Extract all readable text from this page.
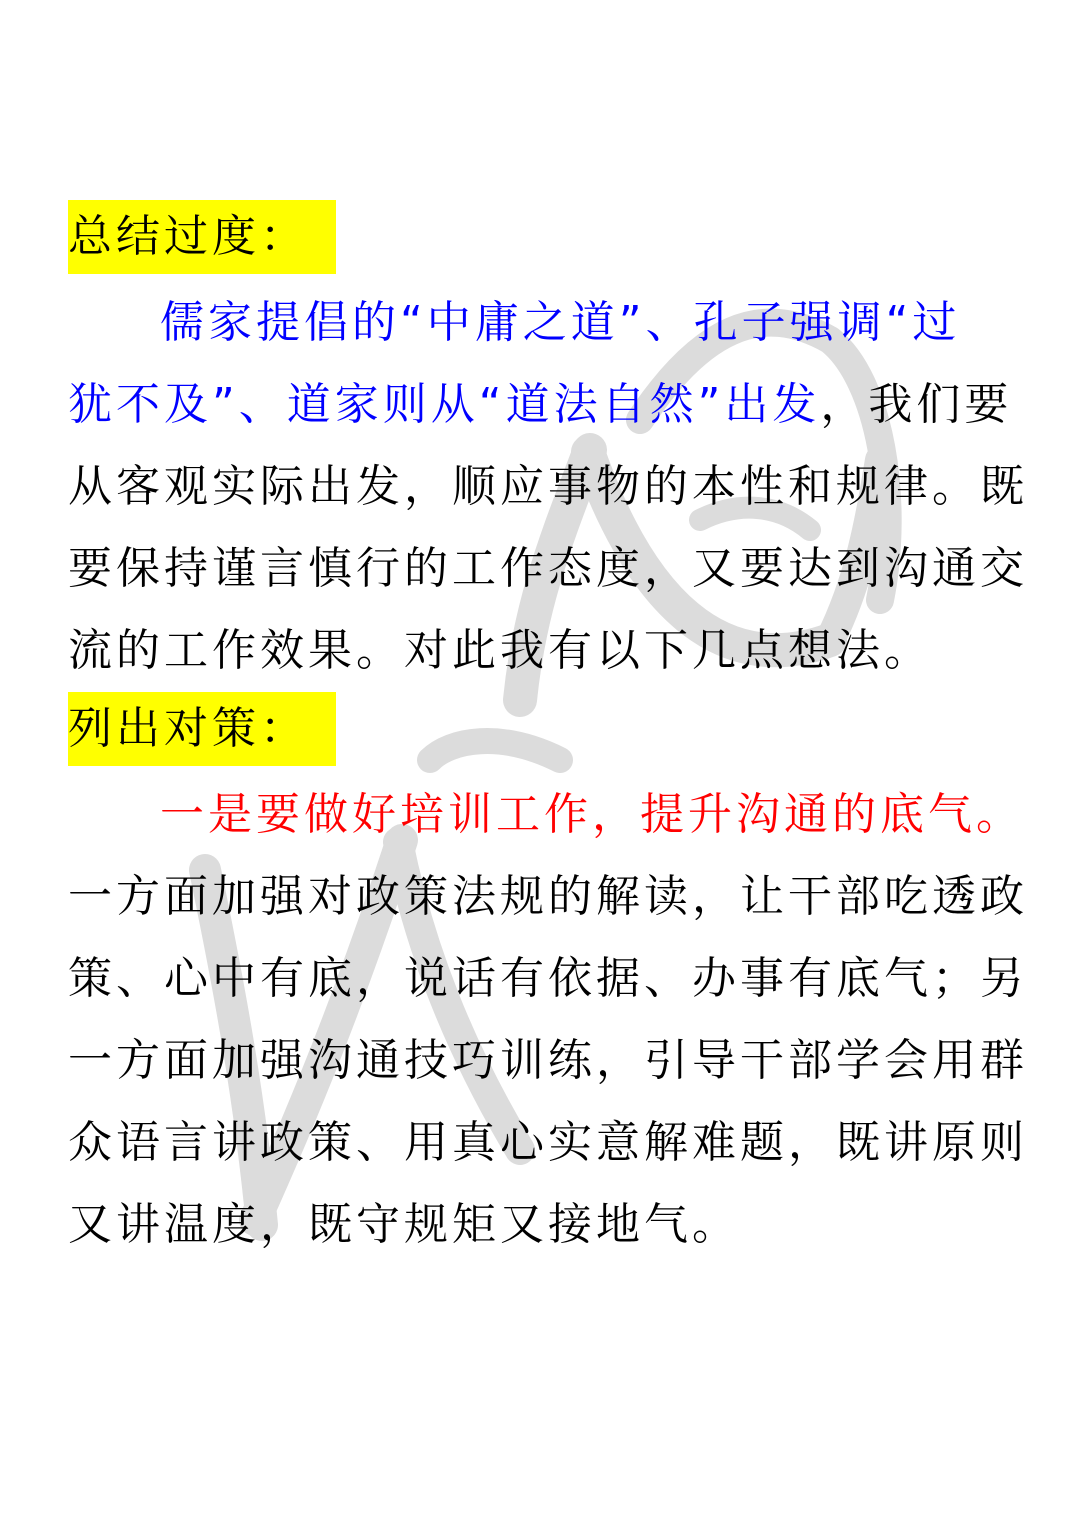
总结过度：
儒家提倡的“中庸之道”、孔子强调“过
犹不及”、道家则从“道法自然”出发，我们要
从客观实际出发，顺应事物的本性和规律。既
要保持谨言慎行的工作态度，又要达到沟通交
流的工作效果。对此我有以下几点想法。
列出对策：
一是要做好培训工作，提升沟通的底气。
一方面加强对政策法规的解读，让干部吃透政
策、心中有底，说话有依据、办事有底气；另
一方面加强沟通技巧训练，引导干部学会用群
众语言讲政策、用真心实意解难题，既讲原则
又讲温度，既守规矩又接地气。
